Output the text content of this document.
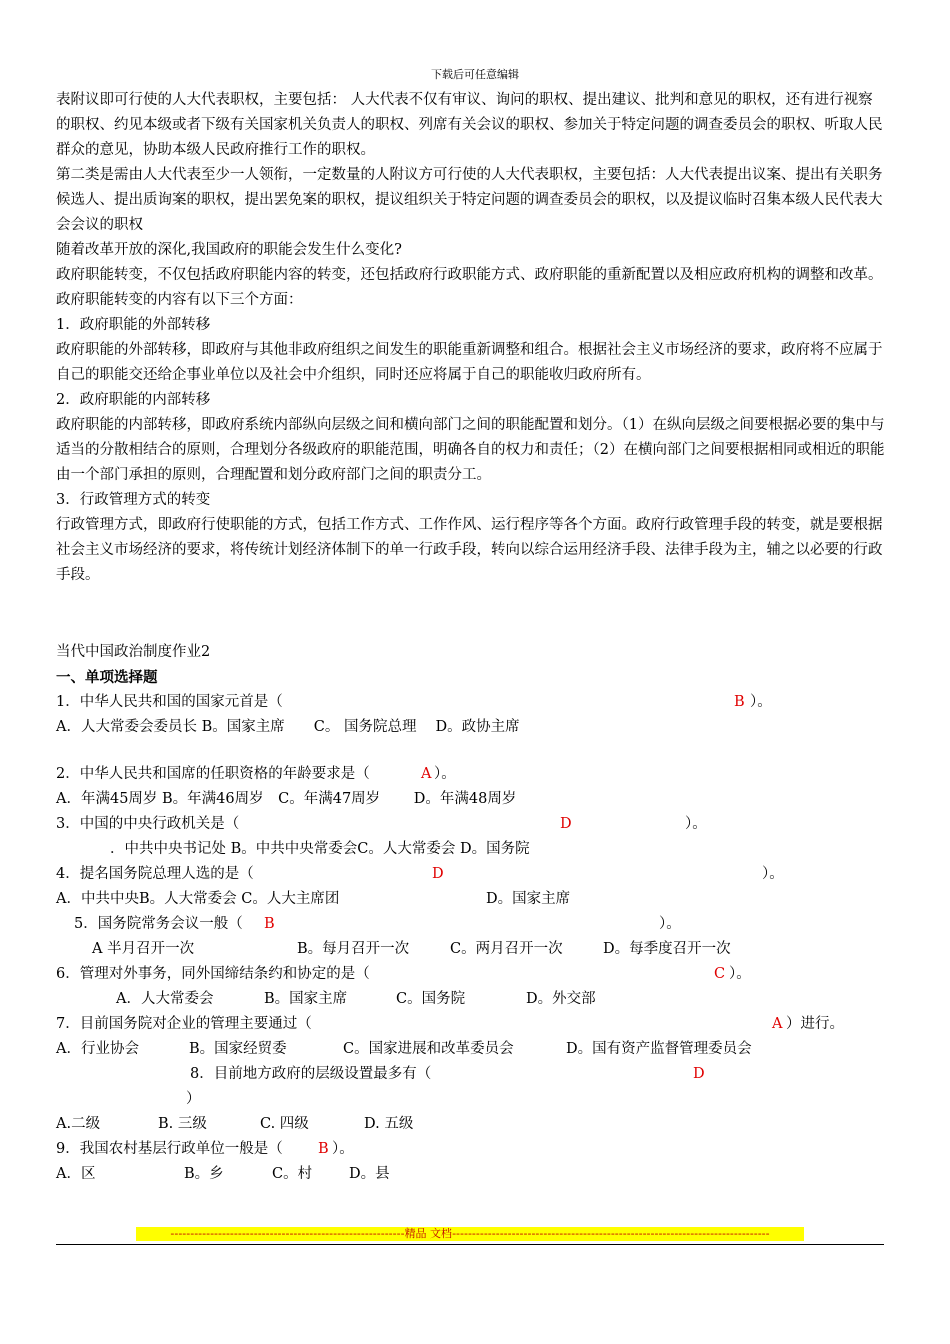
下载后可任意编辑

表附议即可行使的人大代表职权，主要包括： 人大代表不仅有审议、询问的职权、提出建议、批判和意见的职权，还有进行视察的职权、约见本级或者下级有关国家机关负责人的职权、列席有关会议的职权、参加关于特定问题的调查委员会的职权、听取人民群众的意见，协助本级人民政府推行工作的职权。

第二类是需由人大代表至少一人领衔，一定数量的人附议方可行使的人大代表职权，主要包括：人大代表提出议案、提出有关职务候选人、提出质询案的职权，提出罢免案的职权，提议组织关于特定问题的调查委员会的职权，以及提议临时召集本级人民代表大会会议的职权

随着改革开放的深化,我国政府的职能会发生什么变化?

政府职能转变，不仅包括政府职能内容的转变，还包括政府行政职能方式、政府职能的重新配置以及相应政府机构的调整和改革。政府职能转变的内容有以下三个方面：

1．政府职能的外部转移

政府职能的外部转移，即政府与其他非政府组织之间发生的职能重新调整和组合。根据社会主义市场经济的要求，政府将不应属于自己的职能交还给企事业单位以及社会中介组织，同时还应将属于自己的职能收归政府所有。

2．政府职能的内部转移

政府职能的内部转移，即政府系统内部纵向层级之间和横向部门之间的职能配置和划分。（1）在纵向层级之间要根据必要的集中与适当的分散相结合的原则，合理划分各级政府的职能范围，明确各自的权力和责任；（2）在横向部门之间要根据相同或相近的职能由一个部门承担的原则，合理配置和划分政府部门之间的职责分工。

3．行政管理方式的转变

行政管理方式，即政府行使职能的方式，包括工作方式、工作作风、运行程序等各个方面。政府行政管理手段的转变，就是要根据社会主义市场经济的要求，将传统计划经济体制下的单一行政手段，转向以综合运用经济手段、法律手段为主，辅之以必要的行政手段。

当代中国政治制度作业2

一、单项选择题

1．中华人民共和国的国家元首是（	B ）。
A．人大常委会委员长 B。国家主席　　C。 国务院总理　 D。政协主席
2．中华人民共和国席的任职资格的年龄要求是（	A ）。
A．年满45周岁 B。年满46周岁　C。年满47周岁　　 D。年满48周岁
3．中国的中央行政机关是（	D	）。
．中共中央书记处 B。中共中央常委会C。人大常委会 D。国务院
4．提名国务院总理人选的是（	D	）。
A．中共中央B。人大常委会 C。人大主席团	D。国家主席
5．国务院常务会议一般（ B	）。
A 半月召开一次	B。每月召开一次	C。两月召开一次	D。每季度召开一次
6．管理对外事务，同外国缔结条约和协定的是（	C ）。
A．人大常委会	B。国家主席	C。国务院	D。外交部
7．目前国务院对企业的管理主要通过（	A ）进行。
A．行业协会	B。国家经贸委	C。国家进展和改革委员会	D。国有资产监督管理委员会
8．目前地方政府的层级设置最多有（	D
）
A.二级	B. 三级	C. 四级	D. 五级
9．我国农村基层行政单位一般是（ B ）。
A．区	B。乡	C。村	D。县
-----------------------------------------------------------精品 文档--------------------------------------------------------------------------------
